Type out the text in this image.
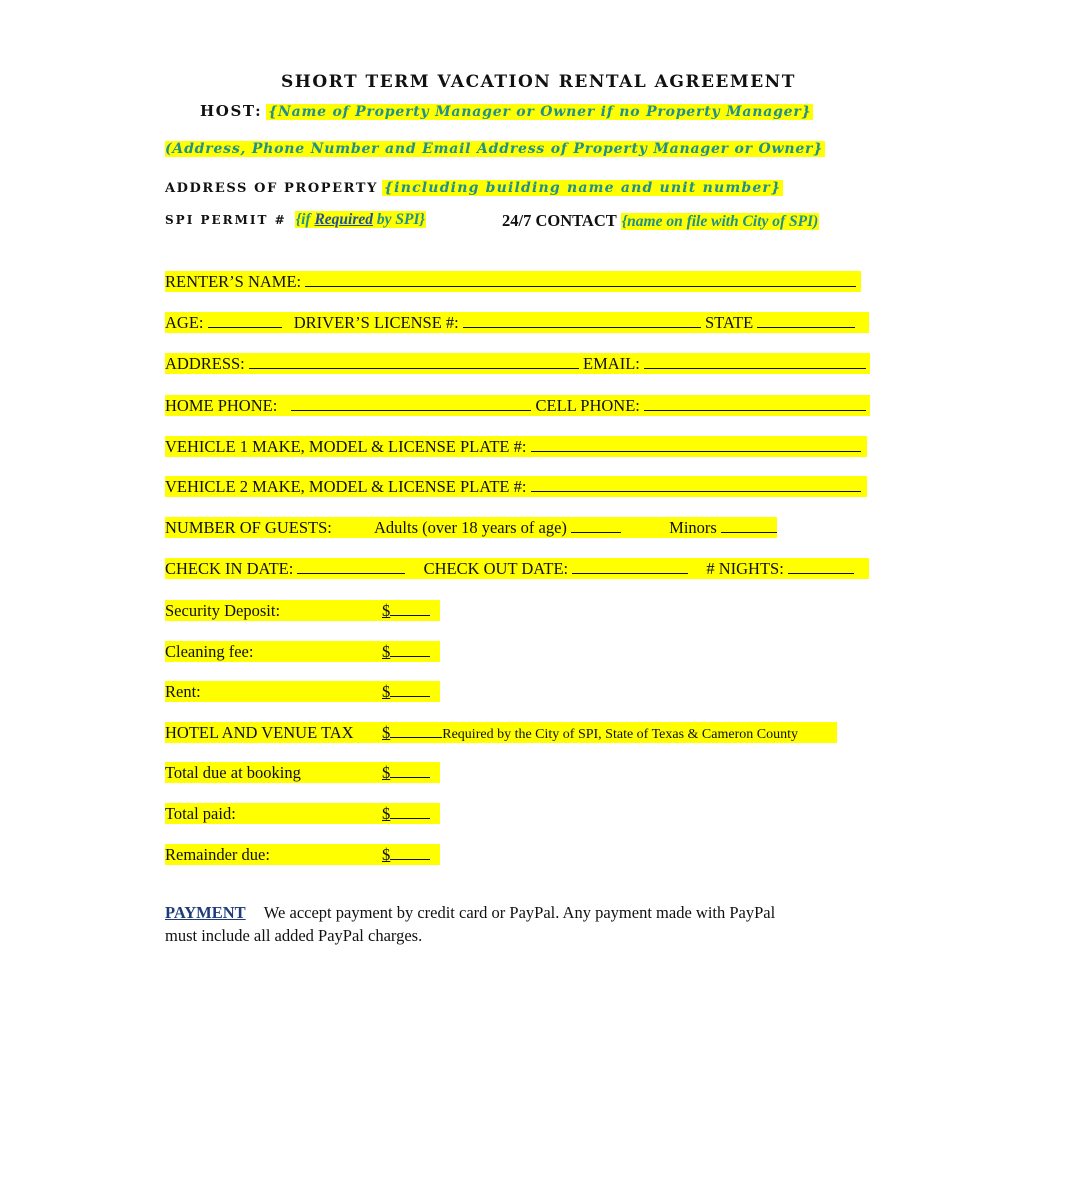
SHORT TERM VACATION RENTAL AGREEMENT
HOST: {Name of Property Manager or Owner if no Property Manager}
(Address, Phone Number and Email Address of Property Manager or Owner}
ADDRESS OF PROPERTY {including building name and unit number}
SPI PERMIT # {if Required by SPI}	24/7 CONTACT {name on file with City of SPI)
RENTER’S NAME:
AGE:	DRIVER’S LICENSE #:	STATE
ADDRESS:	EMAIL:
HOME PHONE:	CELL PHONE:
VEHICLE 1 MAKE, MODEL & LICENSE PLATE #:
VEHICLE 2 MAKE, MODEL & LICENSE PLATE #:
NUMBER OF GUESTS:	Adults (over 18 years of age)	Minors
CHECK IN DATE:	CHECK OUT DATE:	# NIGHTS:
Security Deposit:	$
Cleaning fee:	$
Rent:	$
HOTEL AND VENUE TAX $	Required by the City of SPI, State of Texas & Cameron County
Total due at booking	$
Total paid:	$
Remainder due:	$
PAYMENT We accept payment by credit card or PayPal. Any payment made with PayPal
must include all added PayPal charges.
